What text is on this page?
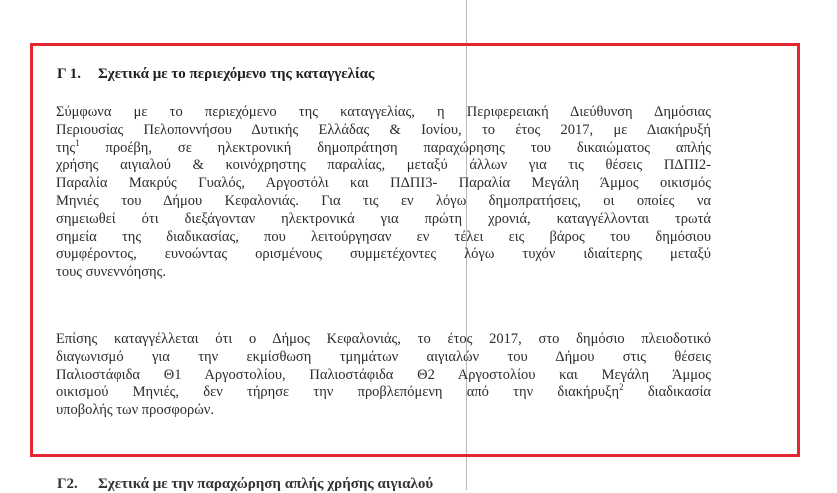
Γ 1. Σχετικά με το περιεχόμενο της καταγγελίας
Σύμφωνα με το περιεχόμενο της καταγγελίας, η Περιφερειακή Διεύθυνση Δημόσιας
Περιουσίας Πελοποννήσου Δυτικής Ελλάδας & Ιονίου, το έτος 2017, με Διακήρυξή
της$^1$ προέβη, σε ηλεκτρονική δημοπράτηση παραχώρησης του δικαιώματος απλής
χρήσης αιγιαλού & κοινόχρηστης παραλίας, μεταξύ άλλων για τις θέσεις ΠΔΠΙ2-
Παραλία Μακρύς Γυαλός, Αργοστόλι και ΠΔΠΙ3- Παραλία Μεγάλη Άμμος οικισμός
Μηνιές του Δήμου Κεφαλονιάς. Για τις εν λόγω δημοπρατήσεις, οι οποίες να
σημειωθεί ότι διεξάγονταν ηλεκτρονικά για πρώτη χρονιά, καταγγέλλονται τρωτά
σημεία της διαδικασίας, που λειτούργησαν εν τέλει εις βάρος του δημόσιου
συμφέροντος, ευνοώντας ορισμένους συμμετέχοντες λόγω τυχόν ιδιαίτερης μεταξύ
τους συνεννόησης.
Επίσης καταγγέλλεται ότι ο Δήμος Κεφαλονιάς, το έτος 2017, στο δημόσιο πλειοδοτικό
διαγωνισμό για την εκμίσθωση τμημάτων αιγιαλών του Δήμου στις θέσεις
Παλιοστάφιδα Θ1 Αργοστολίου, Παλιοστάφιδα Θ2 Αργοστολίου και Μεγάλη Άμμος
οικισμού Μηνιές, δεν τήρησε την προβλεπόμενη από την διακήρυξη$^2$ διαδικασία
υποβολής των προσφορών.
Γ2. Σχετικά με την παραχώρηση απλής χρήσης αιγιαλού
